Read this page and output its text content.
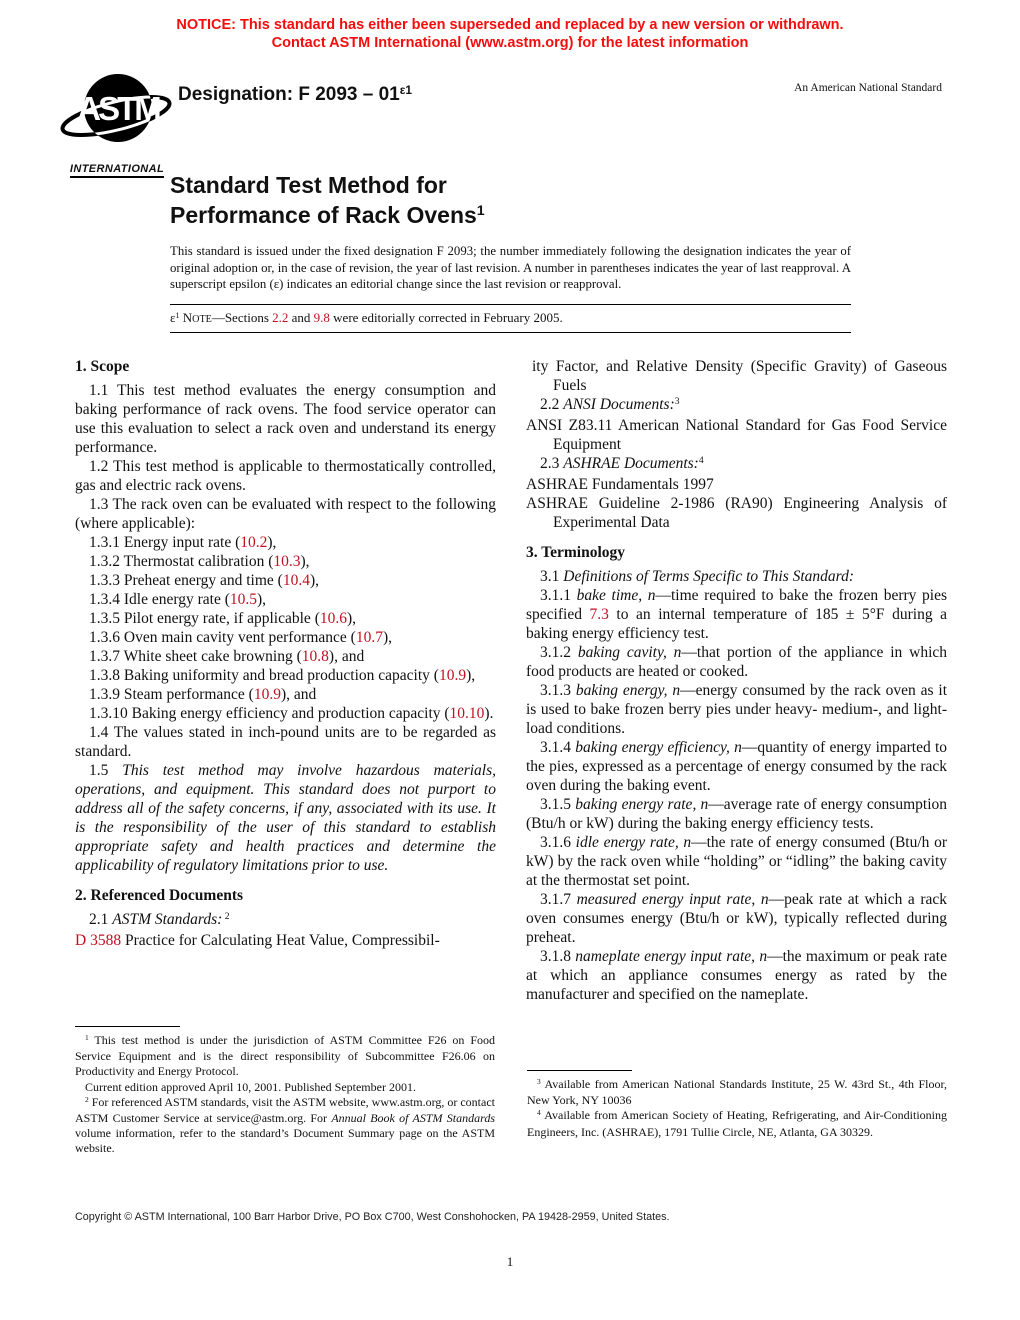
NOTICE: This standard has either been superseded and replaced by a new version or withdrawn.
Contact ASTM International (www.astm.org) for the latest information
ASTM
INTERNATIONAL
Designation: F $2093 - 01^{\varepsilon 1}$	An American National Standard
Standard Test Method for
Performance of Rack Ovens$^1$
This standard is issued under the fixed designation F 2093; the number immediately following the designation indicates the year of original adoption or, in the case of revision, the year of last revision. A number in parentheses indicates the year of last reapproval. A superscript epsilon (ε) indicates an editorial change since the last revision or reapproval.
$\varepsilon^1$ NOTE—Sections 2.2 and 9.8 were editorially corrected in February 2005.

1. Scope

1.1 This test method evaluates the energy consumption and baking performance of rack ovens. The food service operator can use this evaluation to select a rack oven and understand its energy performance.

1.2 This test method is applicable to thermostatically controlled, gas and electric rack ovens.

1.3 The rack oven can be evaluated with respect to the following (where applicable):

1.3.1 Energy input rate (10.2),

1.3.2 Thermostat calibration (10.3),

1.3.3 Preheat energy and time (10.4),

1.3.4 Idle energy rate (10.5),

1.3.5 Pilot energy rate, if applicable (10.6),

1.3.6 Oven main cavity vent performance (10.7),

1.3.7 White sheet cake browning (10.8), and

1.3.8 Baking uniformity and bread production capacity (10.9),

1.3.9 Steam performance (10.9), and

1.3.10 Baking energy efficiency and production capacity (10.10).

1.4 The values stated in inch-pound units are to be regarded as standard.

1.5 This test method may involve hazardous materials, operations, and equipment. This standard does not purport to address all of the safety concerns, if any, associated with its use. It is the responsibility of the user of this standard to establish appropriate safety and health practices and determine the applicability of regulatory limitations prior to use.

2. Referenced Documents

2.1 ASTM Standards: $^2$

D 3588 Practice for Calculating Heat Value, Compressibil-

ity Factor, and Relative Density (Specific Gravity) of Gaseous Fuels

2.2 ANSI Documents:$^3$

ANSI Z83.11 American National Standard for Gas Food Service Equipment

2.3 ASHRAE Documents:$^4$

ASHRAE Fundamentals 1997

ASHRAE Guideline 2-1986 (RA90) Engineering Analysis of Experimental Data

3. Terminology

3.1 Definitions of Terms Specific to This Standard:

3.1.1 bake time, n—time required to bake the frozen berry pies specified 7.3 to an internal temperature of 185 ± 5°F during a baking energy efficiency test.

3.1.2 baking cavity, n—that portion of the appliance in which food products are heated or cooked.

3.1.3 baking energy, n—energy consumed by the rack oven as it is used to bake frozen berry pies under heavy- medium-, and light-load conditions.

3.1.4 baking energy efficiency, n—quantity of energy imparted to the pies, expressed as a percentage of energy consumed by the rack oven during the baking event.

3.1.5 baking energy rate, n—average rate of energy consumption (Btu/h or kW) during the baking energy efficiency tests.

3.1.6 idle energy rate, n—the rate of energy consumed (Btu/h or kW) by the rack oven while “holding” or “idling” the baking cavity at the thermostat set point.

3.1.7 measured energy input rate, n—peak rate at which a rack oven consumes energy (Btu/h or kW), typically reflected during preheat.

3.1.8 nameplate energy input rate, n—the maximum or peak rate at which an appliance consumes energy as rated by the manufacturer and specified on the nameplate.

$^1$ This test method is under the jurisdiction of ASTM Committee F26 on Food Service Equipment and is the direct responsibility of Subcommittee F26.06 on Productivity and Energy Protocol.

Current edition approved April 10, 2001. Published September 2001.

$^2$ For referenced ASTM standards, visit the ASTM website, www.astm.org, or contact ASTM Customer Service at service@astm.org. For Annual Book of ASTM Standards volume information, refer to the standard’s Document Summary page on the ASTM website.

$^3$ Available from American National Standards Institute, 25 W. 43rd St., 4th Floor, New York, NY 10036

$^4$ Available from American Society of Heating, Refrigerating, and Air-Conditioning Engineers, Inc. (ASHRAE), 1791 Tullie Circle, NE, Atlanta, GA 30329.

Copyright © ASTM International, 100 Barr Harbor Drive, PO Box C700, West Conshohocken, PA 19428-2959, United States.
1
